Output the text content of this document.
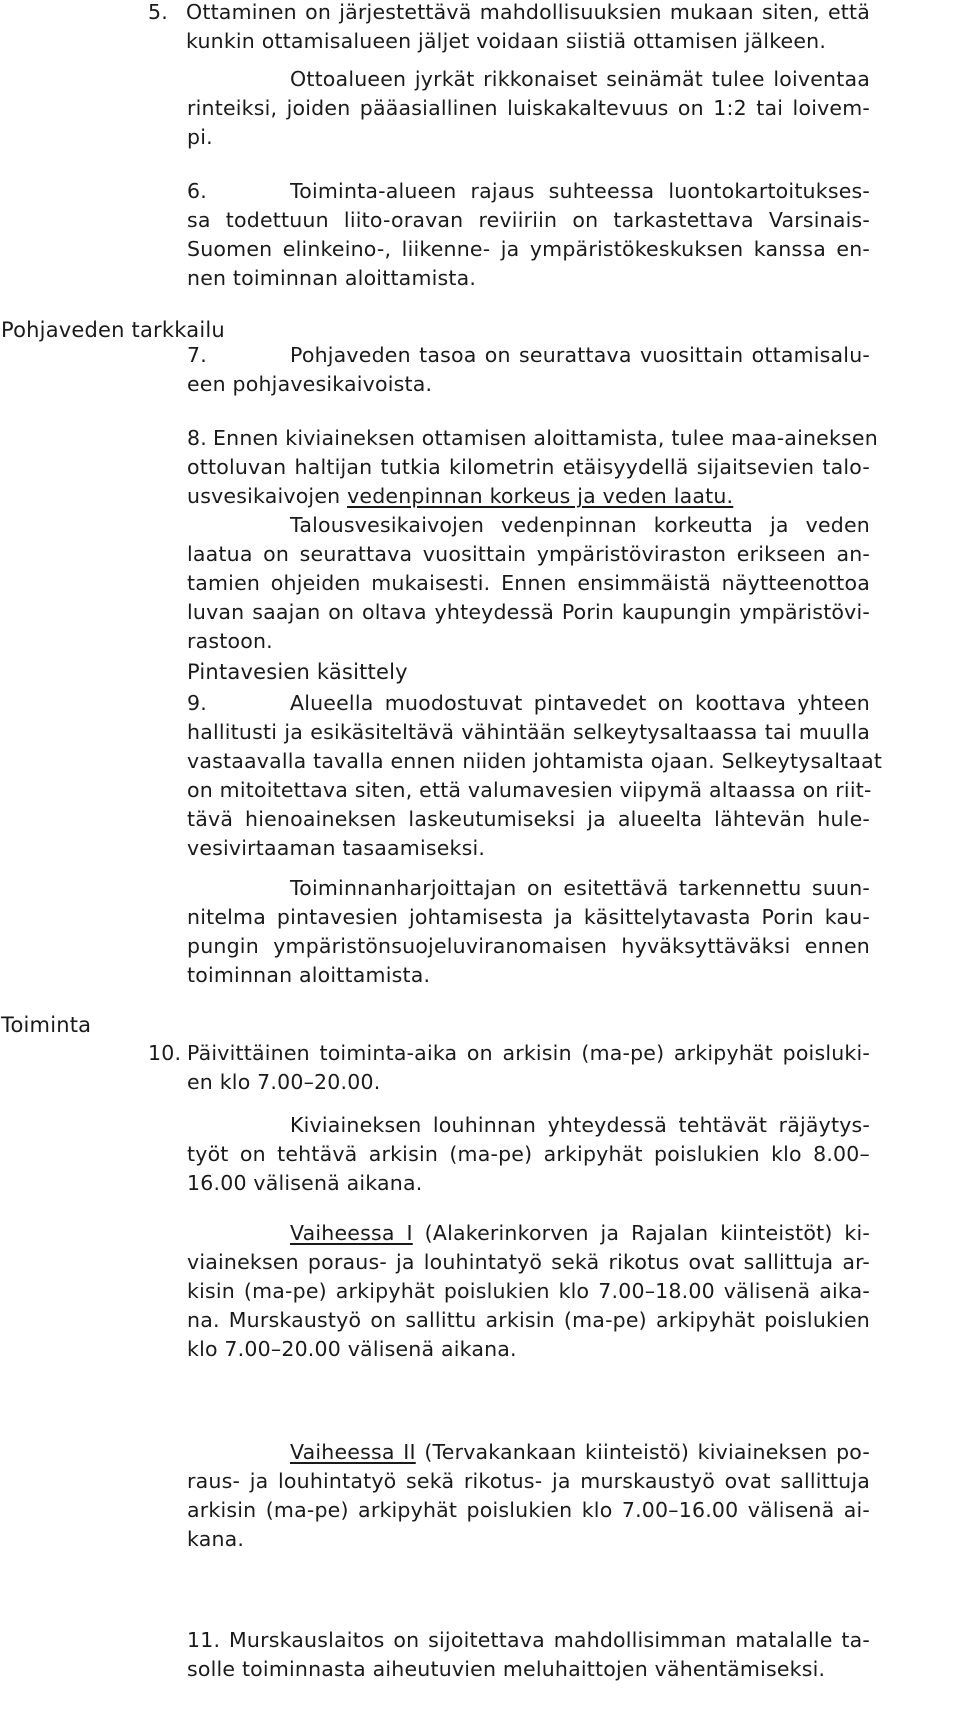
5. Ottaminen on järjestettävä mahdollisuuksien mukaan siten, että
kunkin ottamisalueen jäljet voidaan siistiä ottamisen jälkeen.
Ottoalueen jyrkät rikkonaiset seinämät tulee loiventaa
rinteiksi, joiden pääasiallinen luiskakaltevuus on 1:2 tai loivem-
pi.
6.	Toiminta-alueen rajaus suhteessa luontokartoitukses-
sa todettuun liito-oravan reviiriin on tarkastettava Varsinais-
Suomen elinkeino-, liikenne- ja ympäristökeskuksen kanssa en-
nen toiminnan aloittamista.
Pohjaveden tarkkailu
7.	Pohjaveden tasoa on seurattava vuosittain ottamisalu-
een pohjavesikaivoista.
8. Ennen kiviaineksen ottamisen aloittamista, tulee maa-aineksen
ottoluvan haltijan tutkia kilometrin etäisyydellä sijaitsevien talo-
usvesikaivojen vedenpinnan korkeus ja veden laatu.
Talousvesikaivojen vedenpinnan korkeutta ja veden
laatua on seurattava vuosittain ympäristöviraston erikseen an-
tamien ohjeiden mukaisesti. Ennen ensimmäistä näytteenottoa
luvan saajan on oltava yhteydessä Porin kaupungin ympäristövi-
rastoon.
Pintavesien käsittely
9.	Alueella muodostuvat pintavedet on koottava yhteen
hallitusti ja esikäsiteltävä vähintään selkeytysaltaassa tai muulla
vastaavalla tavalla ennen niiden johtamista ojaan. Selkeytysaltaat
on mitoitettava siten, että valumavesien viipymä altaassa on riit-
tävä hienoaineksen laskeutumiseksi ja alueelta lähtevän hule-
vesivirtaaman tasaamiseksi.
Toiminnanharjoittajan on esitettävä tarkennettu suun-
nitelma pintavesien johtamisesta ja käsittelytavasta Porin kau-
pungin ympäristönsuojeluviranomaisen hyväksyttäväksi ennen
toiminnan aloittamista.
Toiminta
10. Päivittäinen toiminta-aika on arkisin (ma-pe) arkipyhät poisluki-
en klo 7.00–20.00.
Kiviaineksen louhinnan yhteydessä tehtävät räjäytys-
työt on tehtävä arkisin (ma-pe) arkipyhät poislukien klo 8.00–
16.00 välisenä aikana.
Vaiheessa I (Alakerinkorven ja Rajalan kiinteistöt) ki-
viaineksen poraus- ja louhintatyö sekä rikotus ovat sallittuja ar-
kisin (ma-pe) arkipyhät poislukien klo 7.00–18.00 välisenä aika-
na. Murskaustyö on sallittu arkisin (ma-pe) arkipyhät poislukien
klo 7.00–20.00 välisenä aikana.
Vaiheessa II (Tervakankaan kiinteistö) kiviaineksen po-
raus- ja louhintatyö sekä rikotus- ja murskaustyö ovat sallittuja
arkisin (ma-pe) arkipyhät poislukien klo 7.00–16.00 välisenä ai-
kana.
11. Murskauslaitos on sijoitettava mahdollisimman matalalle ta-
solle toiminnasta aiheutuvien meluhaittojen vähentämiseksi.
